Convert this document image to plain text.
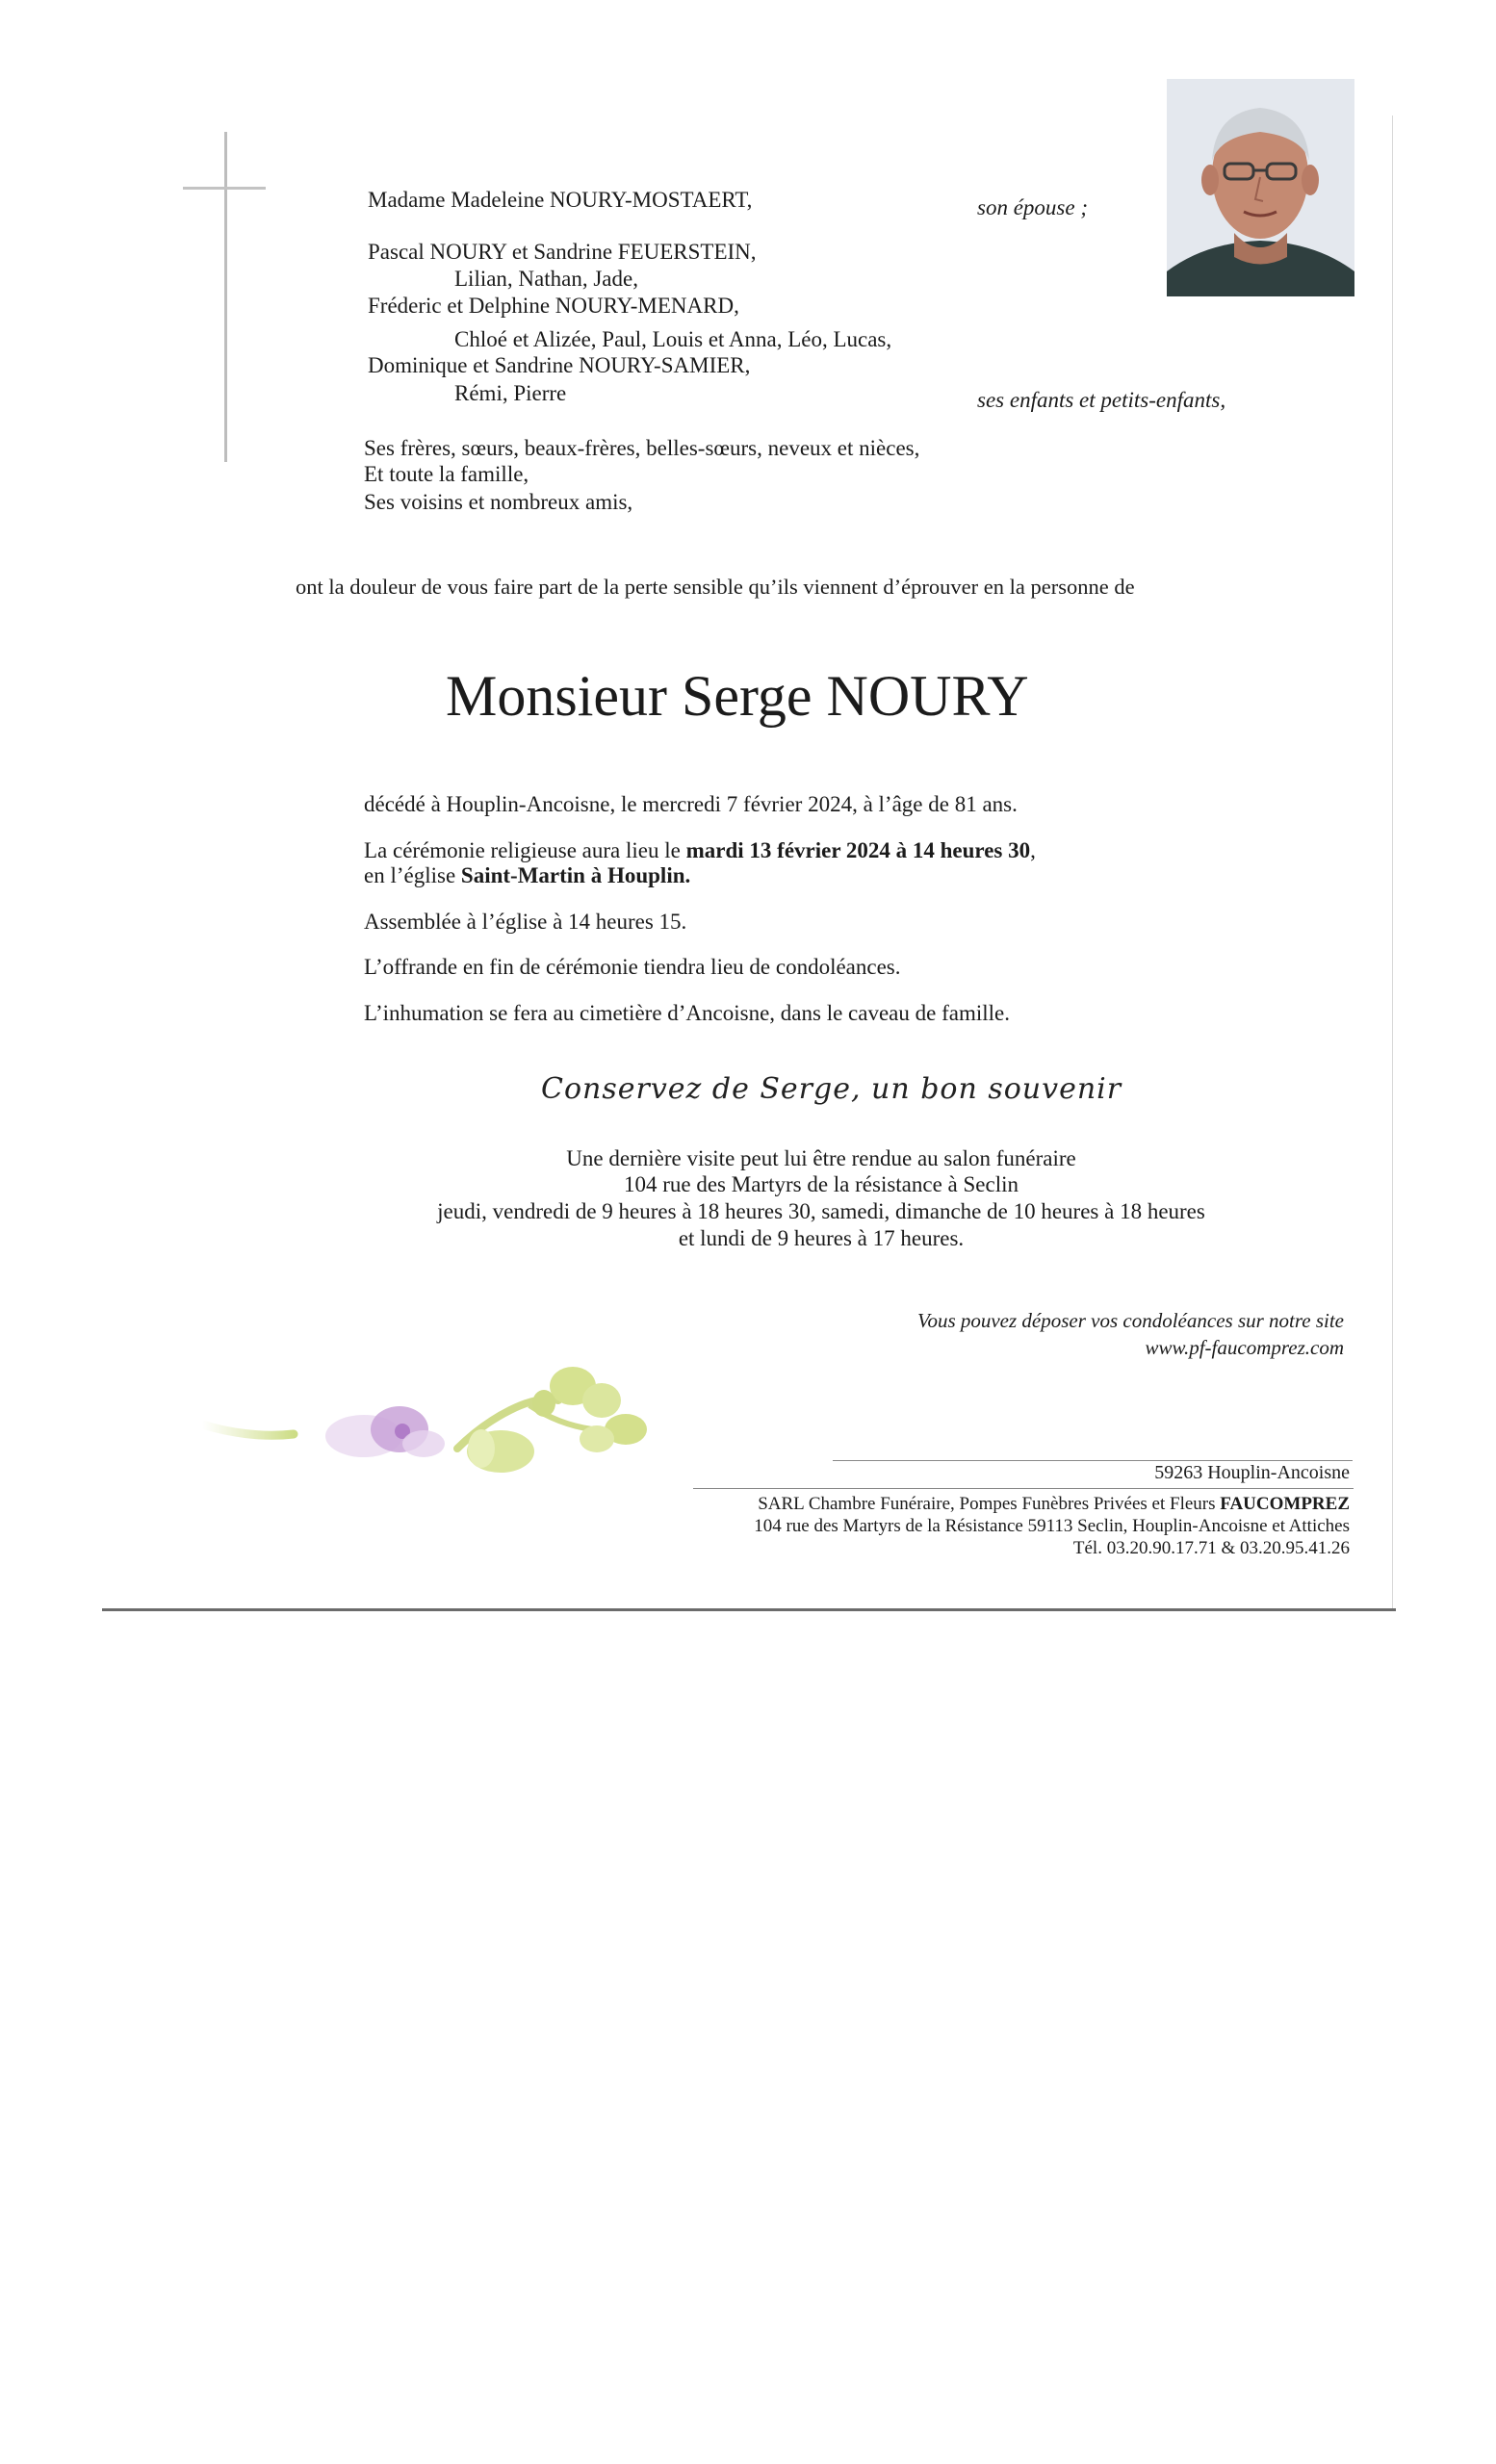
Madame Madeleine NOURY-MOSTAERT,	son épouse ;
Pascal NOURY et Sandrine FEUERSTEIN,
Lilian, Nathan, Jade,
Fréderic et Delphine NOURY-MENARD,
Chloé et Alizée, Paul, Louis et Anna, Léo, Lucas,
Dominique et Sandrine NOURY-SAMIER,
Rémi, Pierre	ses enfants et petits-enfants,
Ses frères, sœurs, beaux-frères, belles-sœurs, neveux et nièces,
Et toute la famille,
Ses voisins et nombreux amis,
ont la douleur de vous faire part de la perte sensible qu’ils viennent d’éprouver en la personne de
Monsieur Serge NOURY
décédé à Houplin-Ancoisne, le mercredi 7 février 2024, à l’âge de 81 ans.
La cérémonie religieuse aura lieu le mardi 13 février 2024 à 14 heures 30,
en l’église Saint-Martin à Houplin.
Assemblée à l’église à 14 heures 15.
L’offrande en fin de cérémonie tiendra lieu de condoléances.
L’inhumation se fera au cimetière d’Ancoisne, dans le caveau de famille.
Conservez de Serge, un bon souvenir
Une dernière visite peut lui être rendue au salon funéraire
104 rue des Martyrs de la résistance à Seclin
jeudi, vendredi de 9 heures à 18 heures 30, samedi, dimanche de 10 heures à 18 heures
et lundi de 9 heures à 17 heures.
Vous pouvez déposer vos condoléances sur notre site
www.pf-faucomprez.com
59263 Houplin-Ancoisne
SARL Chambre Funéraire, Pompes Funèbres Privées et Fleurs FAUCOMPREZ
104 rue des Martyrs de la Résistance 59113 Seclin, Houplin-Ancoisne et Attiches
Tél. 03.20.90.17.71 & 03.20.95.41.26
